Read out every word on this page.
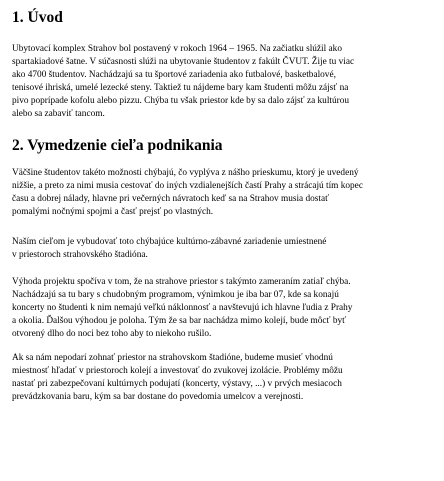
1. Úvod
Ubytovací komplex Strahov bol postavený v rokoch 1964 – 1965. Na začiatku slúžil ako
spartakiadové šatne. V súčasnosti slúži na ubytovanie študentov z fakúlt ČVUT. Žije tu viac
ako 4700 študentov. Nachádzajú sa tu športové zariadenia ako futbalové, basketbalové,
tenisové ihriská, umelé lezecké steny. Taktiež tu nájdeme bary kam študenti môžu zájsť na
pivo poprípade kofolu alebo pizzu. Chýba tu však priestor kde by sa dalo zájsť za kultúrou
alebo sa zabaviť tancom.
2. Vymedzenie cieľa podnikania
Väčšine študentov takéto možnosti chýbajú, čo vyplýva z nášho prieskumu, ktorý je uvedený
nižšie, a preto za nimi musia cestovať do iných vzdialenejších častí Prahy a strácajú tím kopec
času a dobrej nálady, hlavne pri večerných návratoch keď sa na Strahov musia dostať
pomalými nočnými spojmi a časť prejsť po vlastných.
Naším cieľom je vybudovať toto chýbajúce kultúrno-zábavné zariadenie umiestnené
v priestoroch strahovského štadióna.
Výhoda projektu spočíva v tom, že na strahove priestor s takýmto zameraním zatiaľ chýba.
Nachádzajú sa tu bary s chudobným programom, výnimkou je iba bar 07, kde sa konajú
koncerty no študenti k nim nemajú veľkú náklonnosť a navštevujú ich hlavne ľudia z Prahy
a okolia. Ďalšou výhodou je poloha. Tým že sa bar nachádza mimo kolejí, bude môcť byť
otvorený dlho do noci bez toho aby to niekoho rušilo.
Ak sa nám nepodarí zohnať priestor na strahovskom štadióne, budeme musieť vhodnú
miestnosť hľadať v priestoroch kolejí a investovať do zvukovej izolácie. Problémy môžu
nastať pri zabezpečovaní kultúrnych podujatí (koncerty, výstavy, ...) v prvých mesiacoch
prevádzkovania baru, kým sa bar dostane do povedomia umelcov a verejnosti.
